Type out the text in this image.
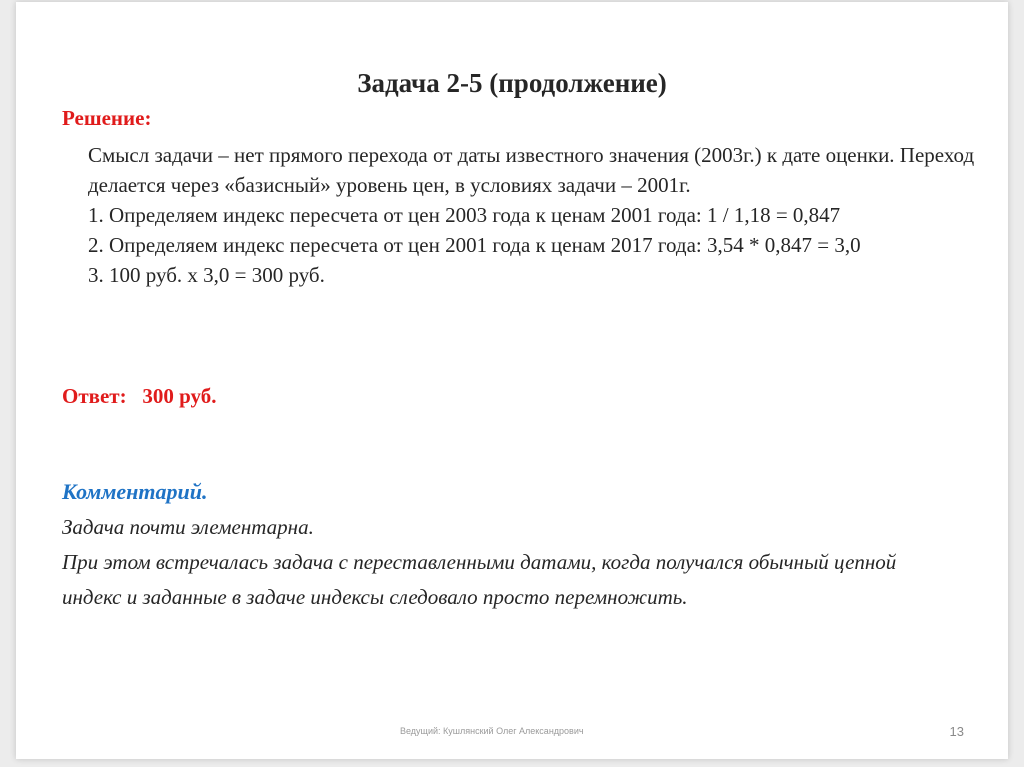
Задача 2-5 (продолжение)
Решение:

Смысл задачи – нет прямого перехода от даты известного значения (2003г.) к дате оценки. Переход делается через «базисный» уровень цен, в условиях задачи – 2001г.

1. Определяем индекс пересчета от цен 2003 года к ценам 2001 года: 1 / 1,18 = 0,847

2. Определяем индекс пересчета от цен 2001 года к ценам 2017 года: 3,54 * 0,847 = 3,0

3. 100 руб. х 3,0 = 300 руб.

Ответ:   300 руб.
Комментарий.

Задача почти элементарна.

При этом встречалась задача с переставленными датами, когда получался обычный цепной индекс и заданные в задаче индексы следовало просто перемножить.

Ведущий: Кушлянский Олег Александрович	13
